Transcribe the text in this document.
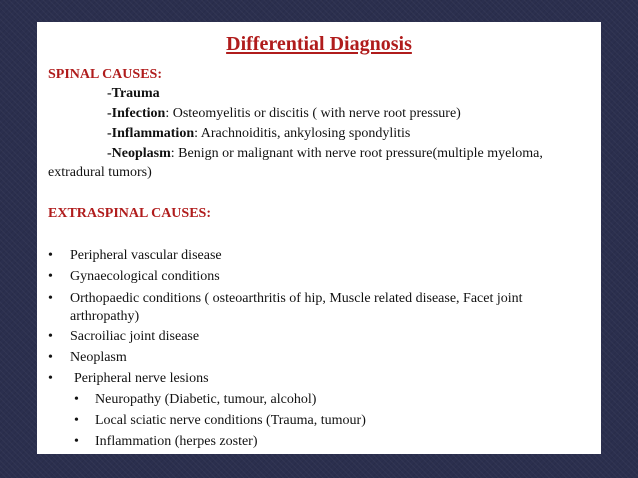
Differential Diagnosis
SPINAL CAUSES:

-Trauma

-Infection: Osteomyelitis or discitis ( with nerve root pressure)

-Inflammation: Arachnoiditis, ankylosing spondylitis

-Neoplasm: Benign or malignant with nerve root pressure(multiple myeloma,

extradural tumors)

EXTRASPINAL CAUSES:
• Peripheral vascular disease
• Gynaecological conditions
• Orthopaedic conditions ( osteoarthritis of hip, Muscle related disease, Facet joint
arthropathy)
• Sacroiliac joint disease
• Neoplasm
• Peripheral nerve lesions
• Neuropathy (Diabetic, tumour, alcohol)
• Local sciatic nerve conditions (Trauma, tumour)
• Inflammation (herpes zoster)
